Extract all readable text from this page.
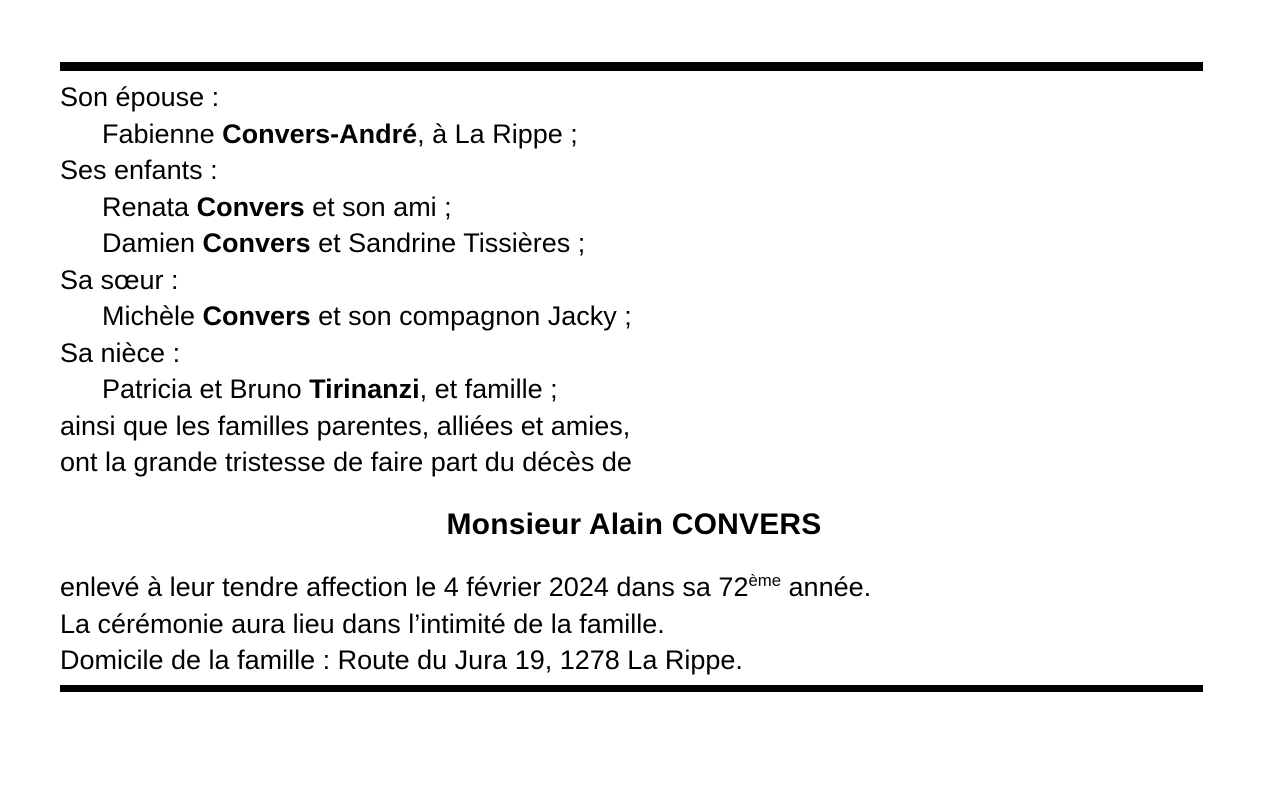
Son épouse :
Fabienne Convers-André, à La Rippe ;
Ses enfants :
Renata Convers et son ami ;
Damien Convers et Sandrine Tissières ;
Sa sœur :
Michèle Convers et son compagnon Jacky ;
Sa nièce :
Patricia et Bruno Tirinanzi, et famille ;
ainsi que les familles parentes, alliées et amies,
ont la grande tristesse de faire part du décès de
Monsieur Alain CONVERS
enlevé à leur tendre affection le 4 février 2024 dans sa 72ème année.
La cérémonie aura lieu dans l’intimité de la famille.
Domicile de la famille : Route du Jura 19, 1278 La Rippe.
